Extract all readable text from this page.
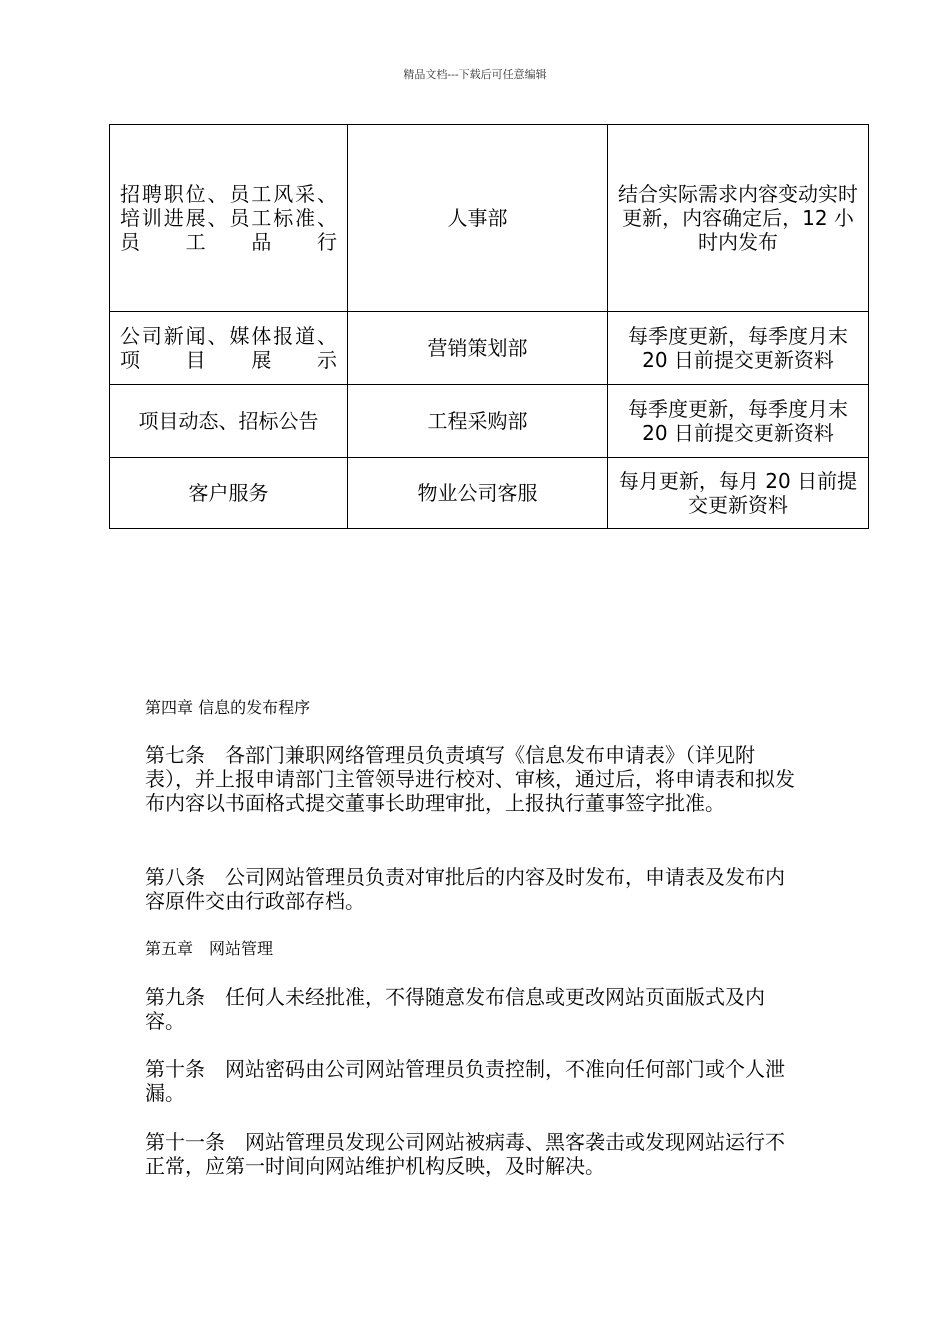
精品文档---下载后可任意编辑
招聘职位、员工风采、培训进展、员工标准、员工品行	人事部	结合实际需求内容变动实时更新，内容确定后，12 小时内发布
公司新闻、媒体报道、项目展示	营销策划部	每季度更新，每季度月末 20 日前提交更新资料
项目动态、招标公告	工程采购部	每季度更新，每季度月末 20 日前提交更新资料
客户服务	物业公司客服	每月更新，每月 20 日前提交更新资料
第四章 信息的发布程序
第七条　各部门兼职网络管理员负责填写《信息发布申请表》（详见附表），并上报申请部门主管领导进行校对、审核，通过后，将申请表和拟发布内容以书面格式提交董事长助理审批，上报执行董事签字批准。
第八条　公司网站管理员负责对审批后的内容及时发布，申请表及发布内容原件交由行政部存档。
第五章　网站管理
第九条　任何人未经批准，不得随意发布信息或更改网站页面版式及内容。
第十条　网站密码由公司网站管理员负责控制，不准向任何部门或个人泄漏。
第十一条　网站管理员发现公司网站被病毒、黑客袭击或发现网站运行不正常，应第一时间向网站维护机构反映，及时解决。
